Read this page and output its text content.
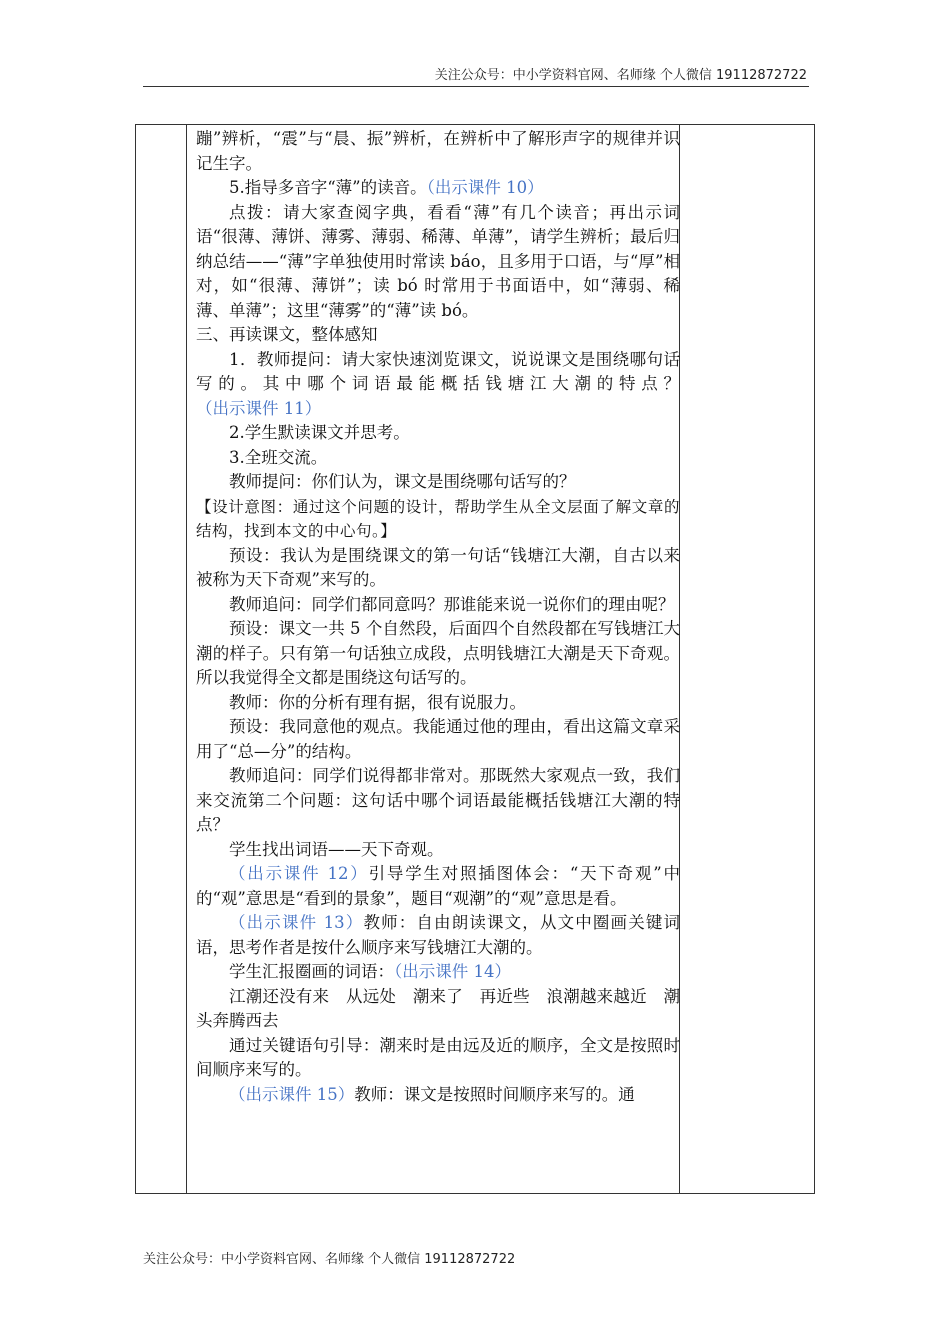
关注公众号：中小学资料官网、名师缘 个人微信 19112872722

蹦”辨析，“震”与“晨、振”辨析，在辨析中了解形声字的规律并识记生字。

5.指导多音字“薄”的读音。（出示课件 10）

点拨：请大家查阅字典，看看“薄”有几个读音；再出示词语“很薄、薄饼、薄雾、薄弱、稀薄、单薄”，请学生辨析；最后归纳总结——“薄”字单独使用时常读 báo，且多用于口语，与“厚”相对，如“很薄、薄饼”；读 bó 时常用于书面语中，如“薄弱、稀薄、单薄”；这里“薄雾”的“薄”读 bó。

三、再读课文，整体感知

1．教师提问：请大家快速浏览课文，说说课文是围绕哪句话写的。其中哪个词语最能概括钱塘江大潮的特点？（出示课件 11）

2.学生默读课文并思考。

3.全班交流。

教师提问：你们认为，课文是围绕哪句话写的？

【设计意图：通过这个问题的设计，帮助学生从全文层面了解文章的结构，找到本文的中心句。】

预设：我认为是围绕课文的第一句话“钱塘江大潮，自古以来被称为天下奇观”来写的。

教师追问：同学们都同意吗？那谁能来说一说你们的理由呢？

预设：课文一共 5 个自然段，后面四个自然段都在写钱塘江大潮的样子。只有第一句话独立成段，点明钱塘江大潮是天下奇观。所以我觉得全文都是围绕这句话写的。

教师：你的分析有理有据，很有说服力。

预设：我同意他的观点。我能通过他的理由，看出这篇文章采用了“总—分”的结构。

教师追问：同学们说得都非常对。那既然大家观点一致，我们来交流第二个问题：这句话中哪个词语最能概括钱塘江大潮的特点？

学生找出词语——天下奇观。

（出示课件 12）引导学生对照插图体会：“天下奇观”中的“观”意思是“看到的景象”，题目“观潮”的“观”意思是看。

（出示课件 13）教师：自由朗读课文，从文中圈画关键词语，思考作者是按什么顺序来写钱塘江大潮的。

学生汇报圈画的词语：（出示课件 14）

江潮还没有来　从远处　潮来了　再近些　浪潮越来越近　潮头奔腾西去

通过关键语句引导：潮来时是由远及近的顺序，全文是按照时间顺序来写的。

（出示课件 15）教师：课文是按照时间顺序来写的。通

关注公众号：中小学资料官网、名师缘 个人微信 19112872722
